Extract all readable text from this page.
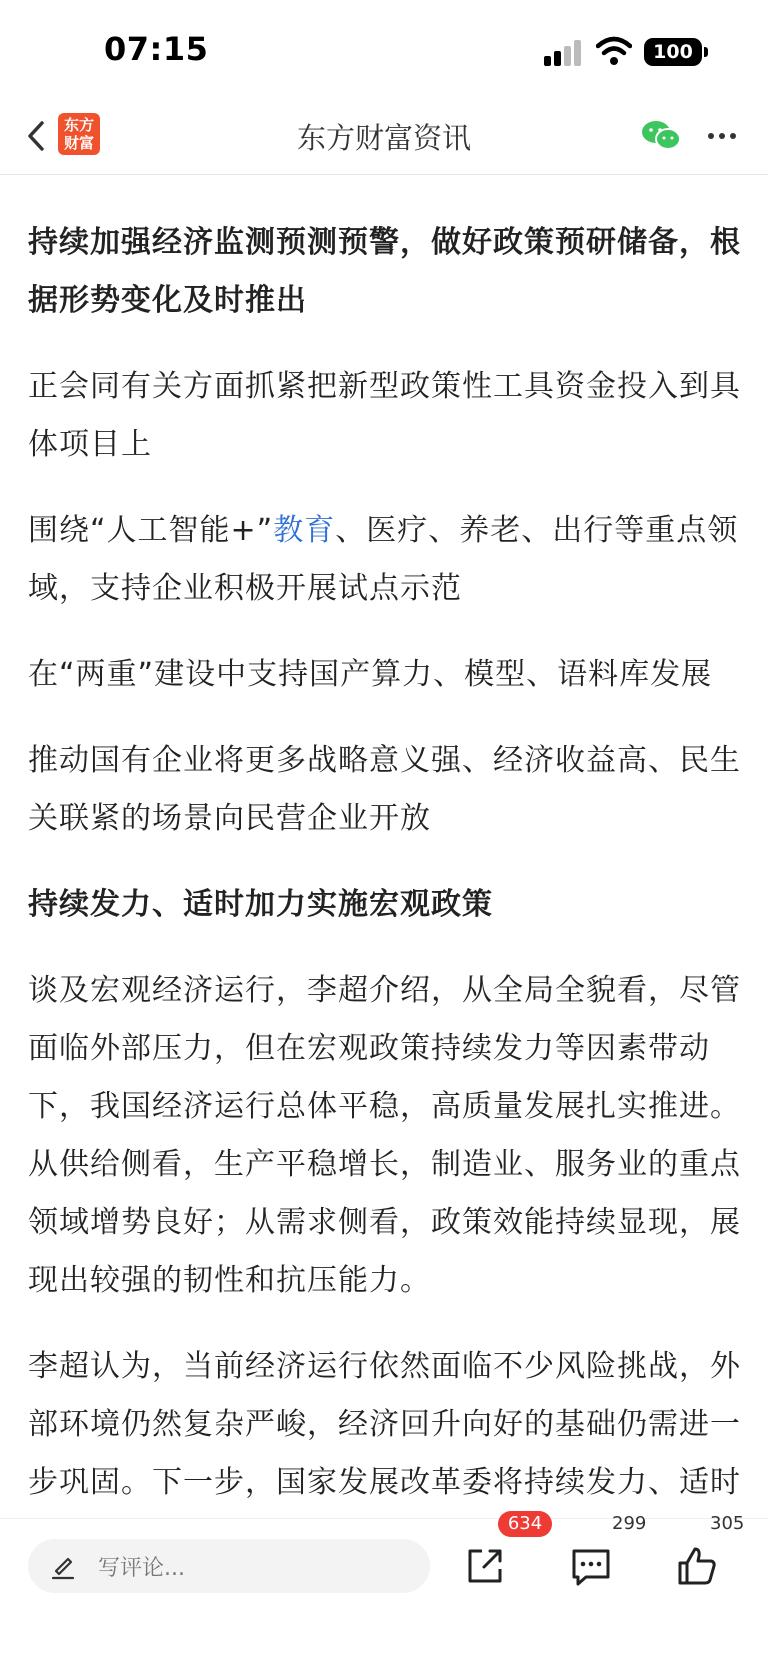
07:15	100
东方
财富	东方财富资讯

持续加强经济监测预测预警，做好政策预研储备，根据形势变化及时推出

正会同有关方面抓紧把新型政策性工具资金投入到具体项目上

围绕“人工智能+”教育、医疗、养老、出行等重点领域，支持企业积极开展试点示范

在“两重”建设中支持国产算力、模型、语料库发展

推动国有企业将更多战略意义强、经济收益高、民生关联紧的场景向民营企业开放

持续发力、适时加力实施宏观政策

谈及宏观经济运行，李超介绍，从全局全貌看，尽管面临外部压力，但在宏观政策持续发力等因素带动下，我国经济运行总体平稳，高质量发展扎实推进。从供给侧看，生产平稳增长，制造业、服务业的重点领域增势良好；从需求侧看，政策效能持续显现，展现出较强的韧性和抗压能力。

李超认为，当前经济运行依然面临不少风险挑战，外部环境仍然复杂严峻，经济回升向好的基础仍需进一步巩固。下一步，国家发展改革委将持续发力、适时

写评论...
634	299	305
